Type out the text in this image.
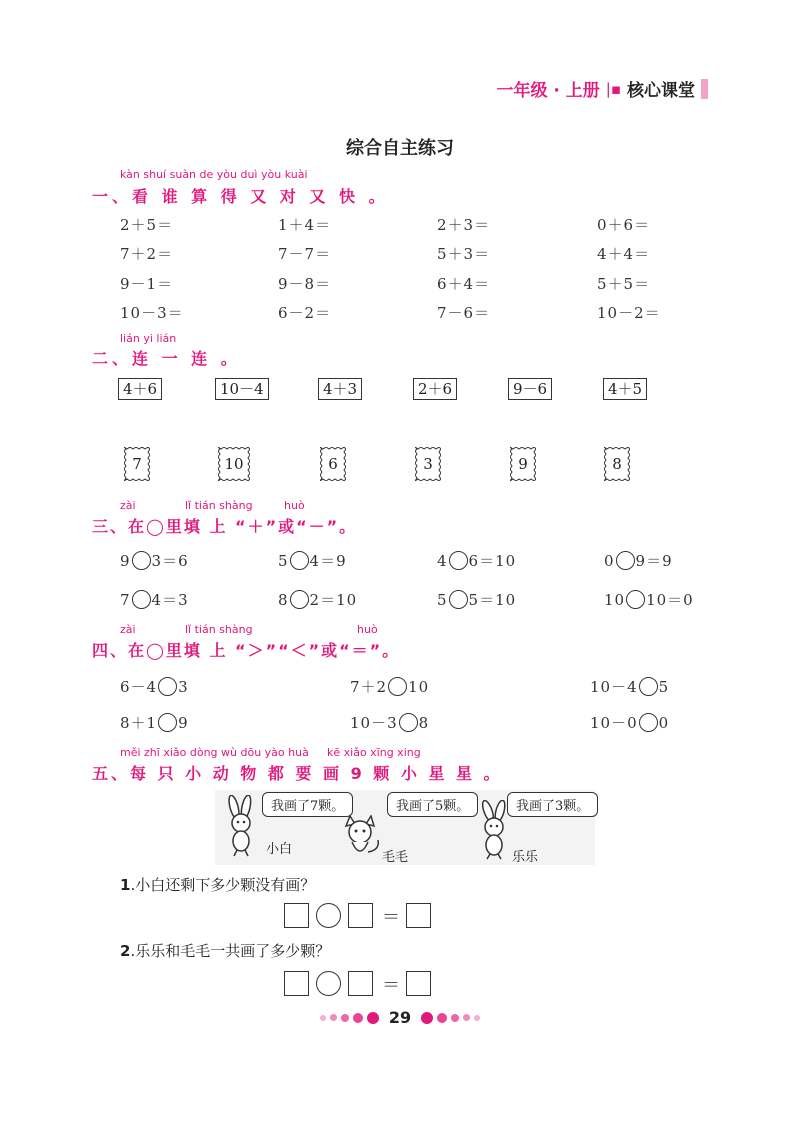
一年级 · 上册 |▪ 核心课堂
综合自主练习
kàn shuí suàn de yòu duì yòu kuài
一、看 谁 算 得 又 对 又 快 。
2＋5＝	1＋4＝	2＋3＝	0＋6＝
7＋2＝	7－7＝	5＋3＝	4＋4＝
9－1＝	9－8＝	6＋4＝	5＋5＝
10－3＝	6－2＝	7－6＝	10－2＝
lián yi lián
二、连 一 连 。
4＋6	10－4	4＋3	2＋6	9－6	4＋5
7	10	6	3	9	8
zài	lǐ tián shàng	huò
三、在◯里填 上 “＋”或“－”。
9 3＝6	5 4＝9	4 6＝10	0 9＝9
7 4＝3	8 2＝10	5 5＝10	10 10＝0
zài	lǐ tián shàng	huò
四、在◯里填 上 “＞”“＜”或“＝”。
6－4 3	7＋2 10	10－4 5
8＋1 9	10－3 8	10－0 0
měi zhī xiǎo dòng wù dōu yào huà kē xiǎo xīng xing
五、每 只 小 动 物 都 要 画 9 颗 小 星 星 。
我画了7颗。	我画了5颗。	我画了3颗。
小白
毛毛	乐乐
1.小白还剩下多少颗没有画？
＝
2.乐乐和毛毛一共画了多少颗？
＝
29
